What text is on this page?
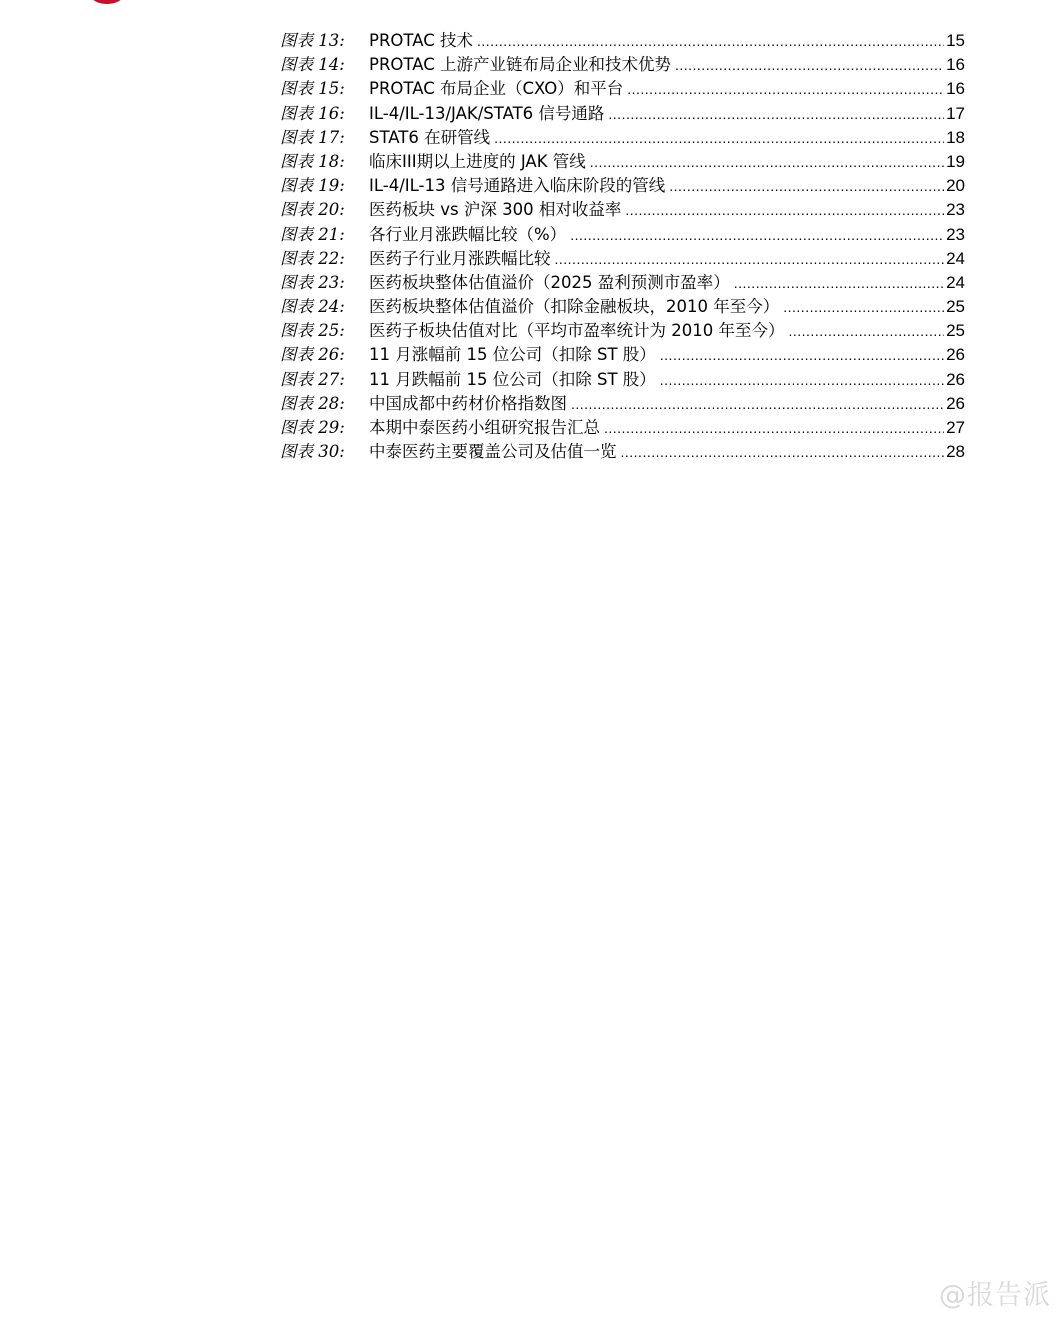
图表 13:	PROTAC 技术 .....	15
图表 14:	PROTAC 上游产业链布局企业和技术优势 .....	16
图表 15:	PROTAC 布局企业（CXO）和平台 .....	16
图表 16:	IL-4/IL-13/JAK/STAT6 信号通路 .....	17
图表 17:	STAT6 在研管线 .....	18
图表 18:	临床III期以上进度的 JAK 管线 .....	19
图表 19:	IL-4/IL-13 信号通路进入临床阶段的管线 .....	20
图表 20:	医药板块 vs 沪深 300 相对收益率 .....	23
图表 21:	各行业月涨跌幅比较（%） .....	23
图表 22:	医药子行业月涨跌幅比较 .....	24
图表 23:	医药板块整体估值溢价（2025 盈利预测市盈率） .....	24
图表 24:	医药板块整体估值溢价（扣除金融板块，2010 年至今） .....	25
图表 25:	医药子板块估值对比（平均市盈率统计为 2010 年至今） .....	25
图表 26:	11 月涨幅前 15 位公司（扣除 ST 股） .....	26
图表 27:	11 月跌幅前 15 位公司（扣除 ST 股） .....	26
图表 28:	中国成都中药材价格指数图 .....	26
图表 29:	本期中泰医药小组研究报告汇总 .....	27
图表 30:	中泰医药主要覆盖公司及估值一览 .....	28
@报告派
